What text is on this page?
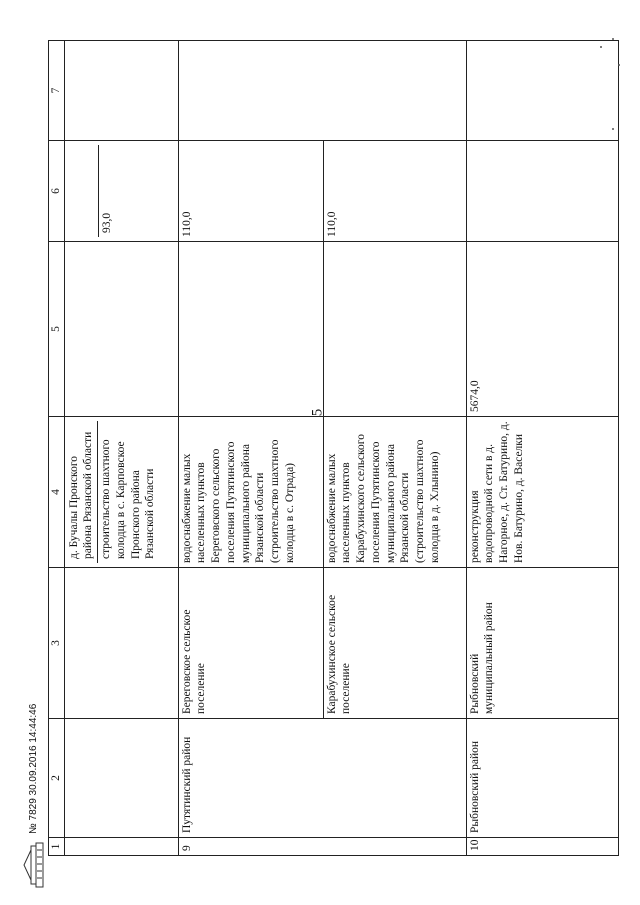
5
1	2	3	4	5	6	7

			д. Бучалы Пронского района Рязанской области строительство шахтного колодца в с. Карповское Пронского района Рязанской области		93,0	

9	Путятинский район	Береговское сельское поселение	водоснабжение малых населенных пунктов Береговского сельского поселения Путятинского муниципального района Рязанской области (строительство шахтного колодца в с. Отрада)		110,0	
		Карабухинское сельское поселение	водоснабжение малых населенных пунктов Карабухинского сельского поселения Путятинского муниципального района Рязанской области (строительство шахтного колодца в д. Хлынино)		110,0	
10	Рыбновский район	Рыбновский муниципальный район	реконструкция водопроводной сети в д. Нагорное, д. Ст. Батурино, д. Нов. Батурино, д. Васелки	5674,0		
№ 7829 30.09.2016 14:44:46
